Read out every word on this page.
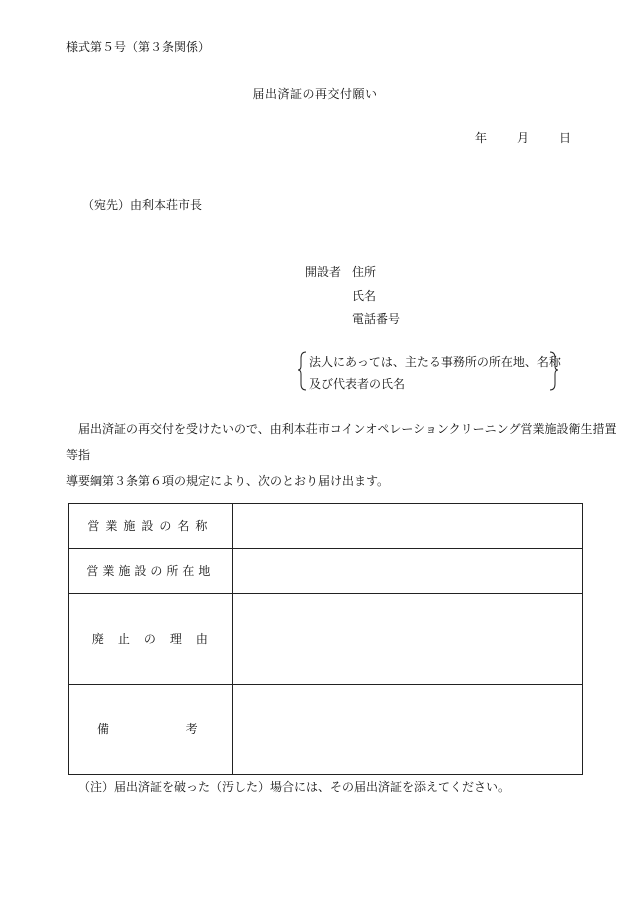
様式第５号（第３条関係）
届出済証の再交付願い
年 月 日
（宛先）由利本荘市長
開設者 住所
氏名
電話番号
法人にあっては、主たる事務所の所在地、名称
及び代表者の氏名

届出済証の再交付を受けたいので、由利本荘市コインオペレーションクリーニング営業施設衛生措置等指

導要綱第３条第６項の規定により、次のとおり届け出ます。

営業施設の名称	
営業施設の所在地	
廃　止　の　理　由	

備 考	

（注）届出済証を破った（汚した）場合には、その届出済証を添えてください。
